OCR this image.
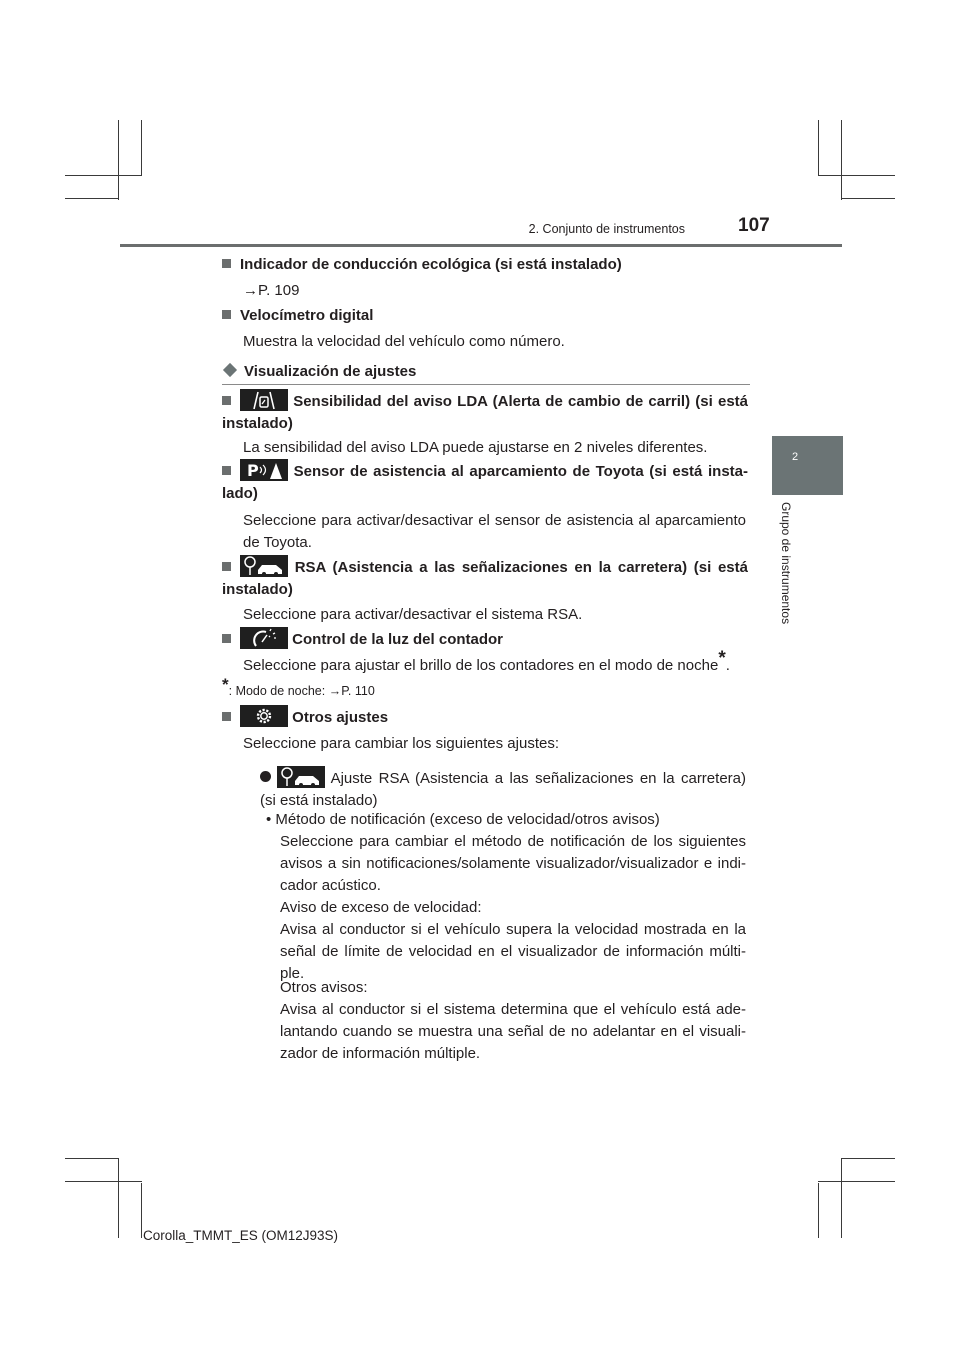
2. Conjunto de instrumentos	107
2
Grupo de instrumentos
Indicador de conducción ecológica (si está instalado)
→P. 109
Velocímetro digital
Muestra la velocidad del vehículo como número.
Visualización de ajustes
Sensibilidad del aviso LDA (Alerta de cambio de carril) (si está instalado)
La sensibilidad del aviso LDA puede ajustarse en 2 niveles diferentes.
P Sensor de asistencia al aparcamiento de Toyota (si está insta- lado)
Seleccione para activar/desactivar el sensor de asistencia al aparcamiento de Toyota.
RSA (Asistencia a las señalizaciones en la carretera) (si está instalado)
Seleccione para activar/desactivar el sistema RSA.
Control de la luz del contador
Seleccione para ajustar el brillo de los contadores en el modo de noche*.
*: Modo de noche: →P. 110
Otros ajustes
Seleccione para cambiar los siguientes ajustes:
Ajuste RSA (Asistencia a las señalizaciones en la carretera) (si está instalado)
• Método de notificación (exceso de velocidad/otros avisos)
Seleccione para cambiar el método de notificación de los siguientes avisos a sin notificaciones/solamente visualizador/visualizador e indi- cador acústico.
Aviso de exceso de velocidad:
Avisa al conductor si el vehículo supera la velocidad mostrada en la señal de límite de velocidad en el visualizador de información múlti- ple.
Otros avisos:
Avisa al conductor si el sistema determina que el vehículo está ade- lantando cuando se muestra una señal de no adelantar en el visuali- zador de información múltiple.
Corolla_TMMT_ES (OM12J93S)
